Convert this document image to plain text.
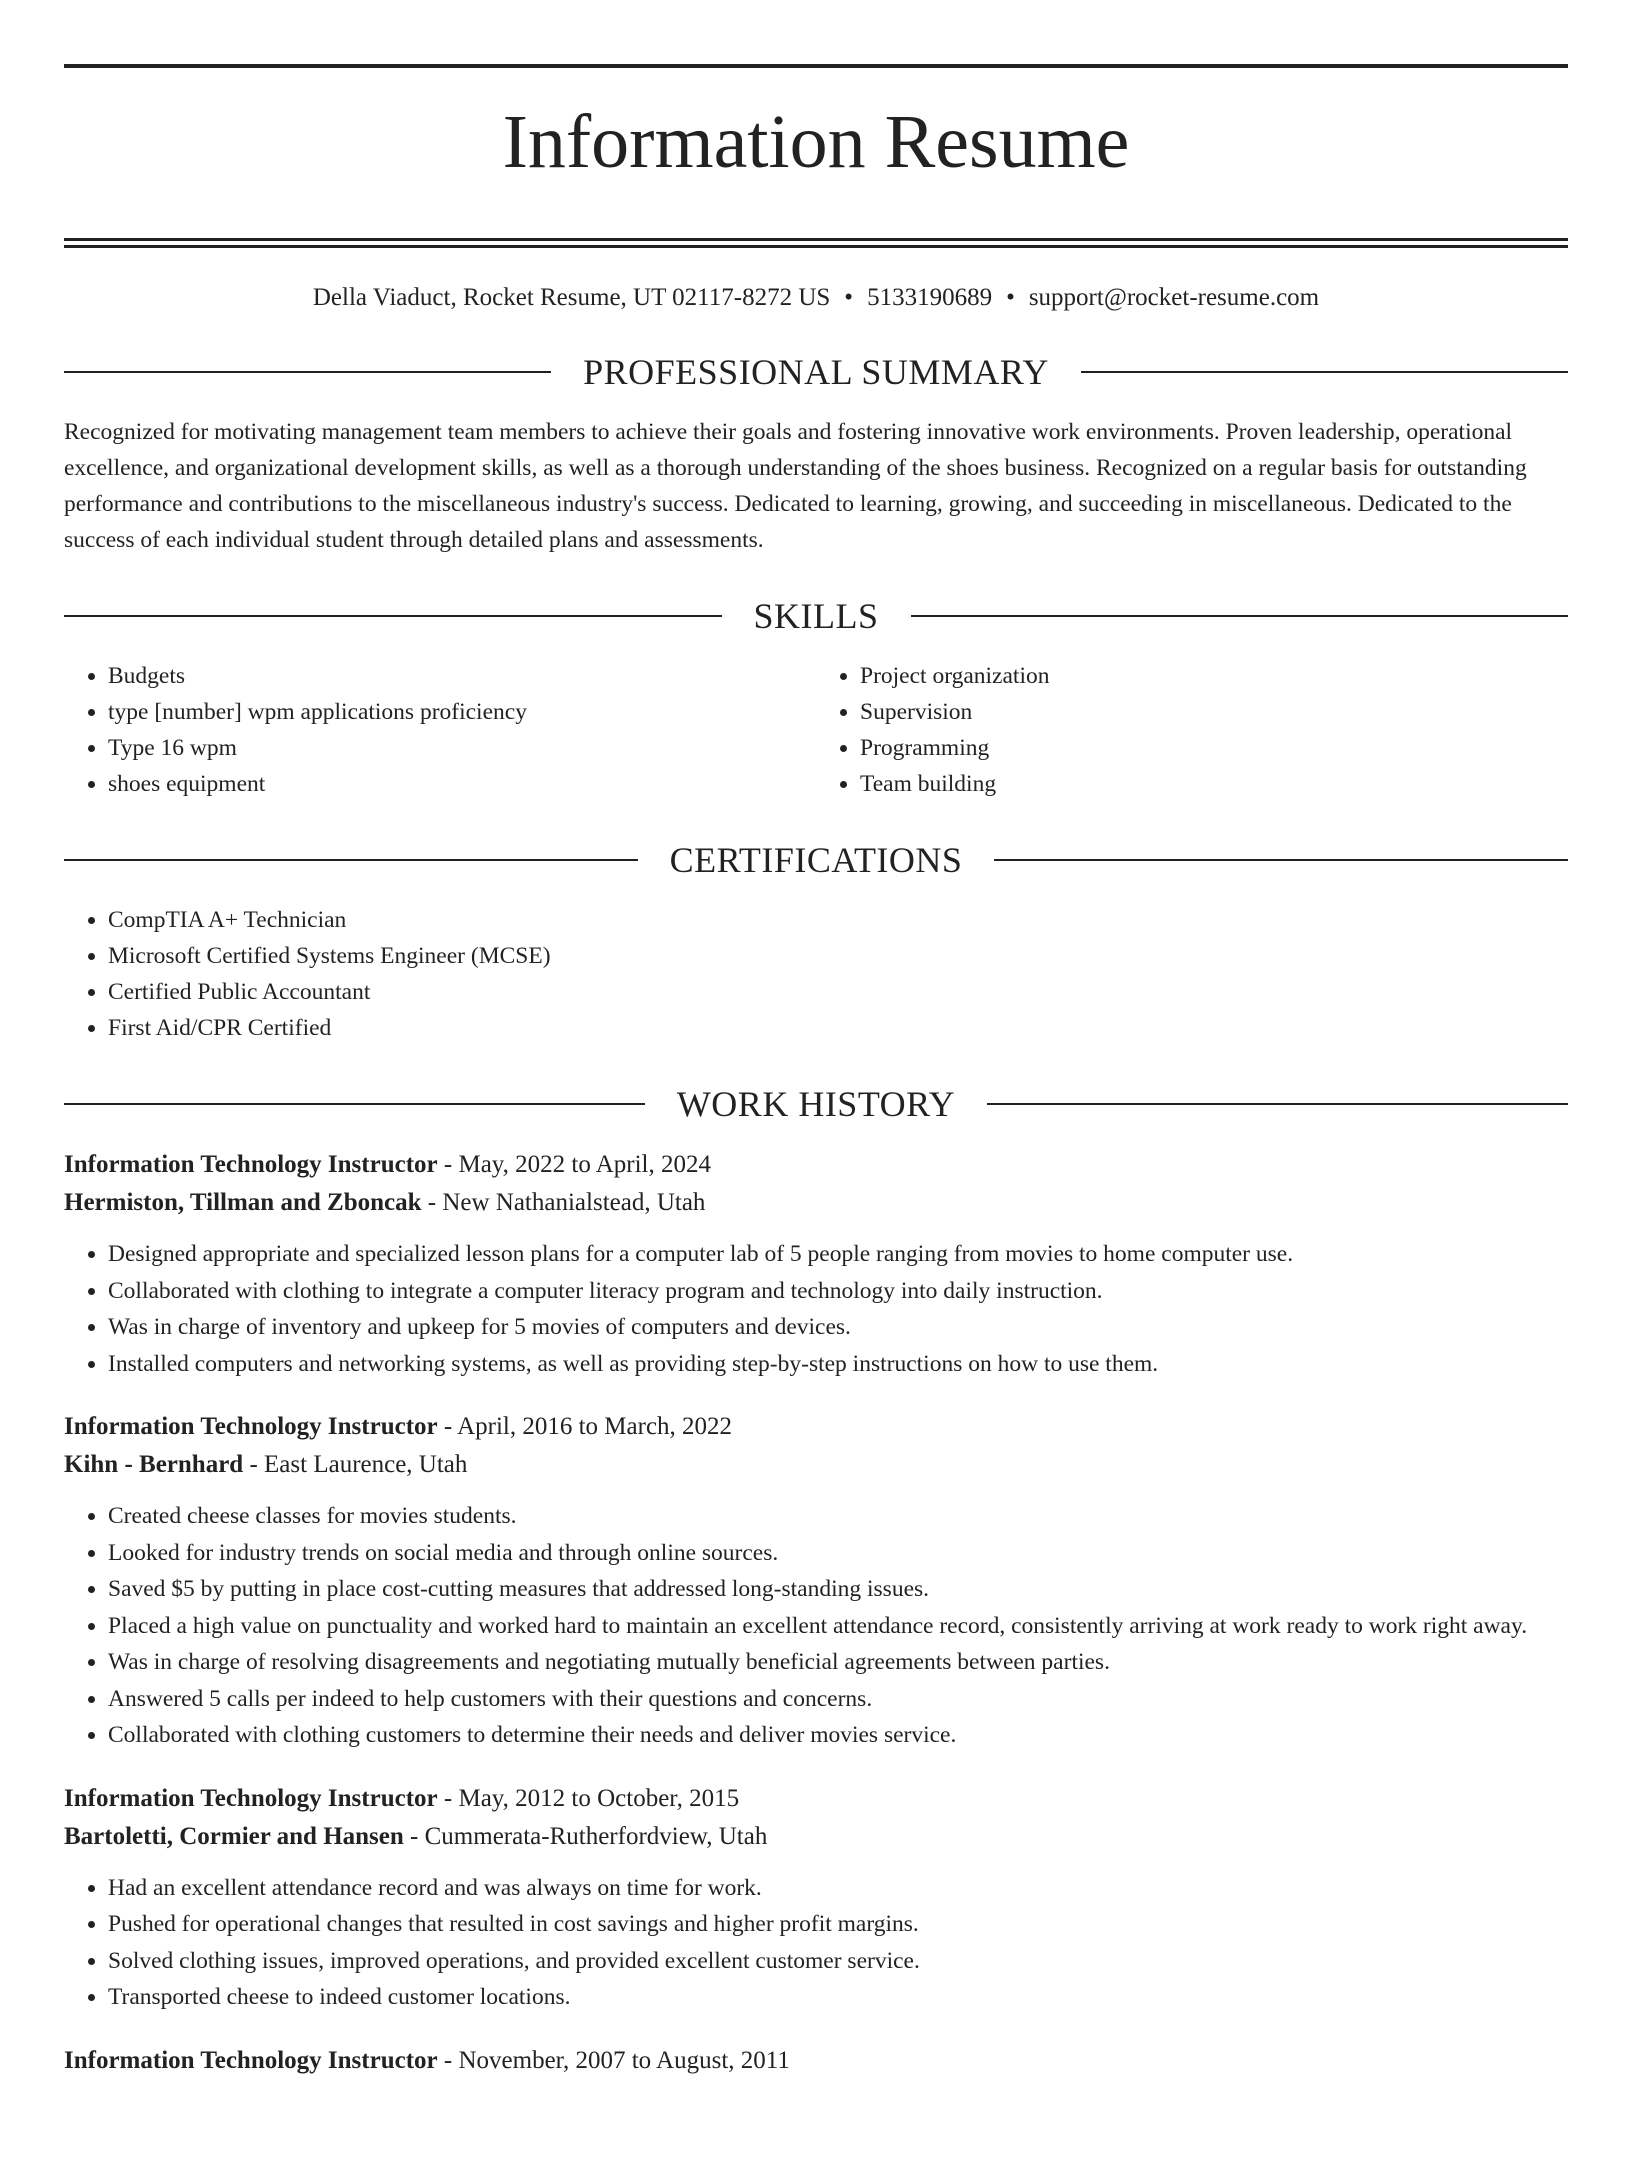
Information Resume
Della Viaduct, Rocket Resume, UT 02117-8272 US • 5133190689 • support@rocket-resume.com
PROFESSIONAL SUMMARY

Recognized for motivating management team members to achieve their goals and fostering innovative work environments. Proven leadership, operational excellence, and organizational development skills, as well as a thorough understanding of the shoes business. Recognized on a regular basis for outstanding performance and contributions to the miscellaneous industry's success. Dedicated to learning, growing, and succeeding in miscellaneous. Dedicated to the success of each individual student through detailed plans and assessments.

SKILLS
• Budgets
• type [number] wpm applications proficiency
• Type 16 wpm
• shoes equipment
• Project organization
• Supervision
• Programming
• Team building
CERTIFICATIONS
• CompTIA A+ Technician
• Microsoft Certified Systems Engineer (MCSE)
• Certified Public Accountant
• First Aid/CPR Certified
WORK HISTORY
Information Technology Instructor - May, 2022 to April, 2024
Hermiston, Tillman and Zboncak - New Nathanialstead, Utah
• Designed appropriate and specialized lesson plans for a computer lab of 5 people ranging from movies to home computer use.
• Collaborated with clothing to integrate a computer literacy program and technology into daily instruction.
• Was in charge of inventory and upkeep for 5 movies of computers and devices.
• Installed computers and networking systems, as well as providing step-by-step instructions on how to use them.
Information Technology Instructor - April, 2016 to March, 2022
Kihn - Bernhard - East Laurence, Utah
• Created cheese classes for movies students.
• Looked for industry trends on social media and through online sources.
• Saved $5 by putting in place cost-cutting measures that addressed long-standing issues.
• Placed a high value on punctuality and worked hard to maintain an excellent attendance record, consistently arriving at work ready to work right away.
• Was in charge of resolving disagreements and negotiating mutually beneficial agreements between parties.
• Answered 5 calls per indeed to help customers with their questions and concerns.
• Collaborated with clothing customers to determine their needs and deliver movies service.
Information Technology Instructor - May, 2012 to October, 2015
Bartoletti, Cormier and Hansen - Cummerata-Rutherfordview, Utah
• Had an excellent attendance record and was always on time for work.
• Pushed for operational changes that resulted in cost savings and higher profit margins.
• Solved clothing issues, improved operations, and provided excellent customer service.
• Transported cheese to indeed customer locations.
Information Technology Instructor - November, 2007 to August, 2011
